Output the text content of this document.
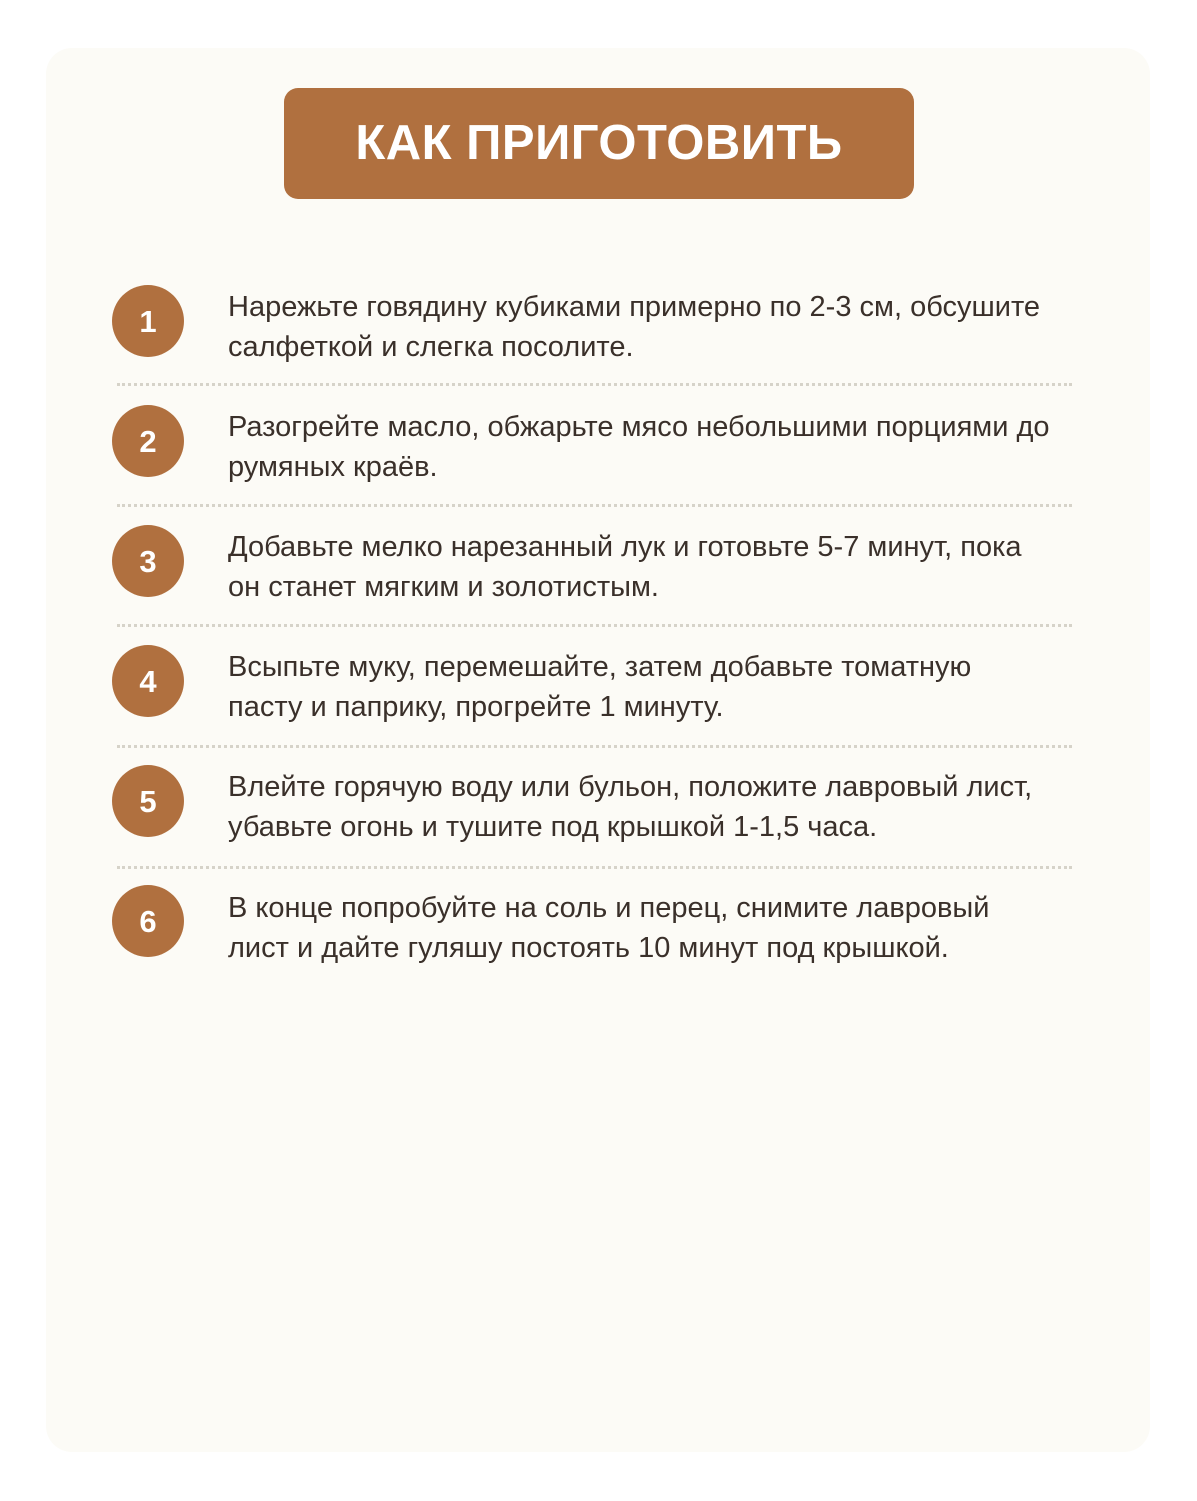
КАК ПРИГОТОВИТЬ
1	Нарежьте говядину кубиками примерно по 2-3 см, обсушите
салфеткой и слегка посолите.

2	Разогрейте масло, обжарьте мясо небольшими порциями до
румяных краёв.

3	Добавьте мелко нарезанный лук и готовьте 5-7 минут, пока
он станет мягким и золотистым.

4	Всыпьте муку, перемешайте, затем добавьте томатную
пасту и паприку, прогрейте 1 минуту.

5	Влейте горячую воду или бульон, положите лавровый лист,
убавьте огонь и тушите под крышкой 1-1,5 часа.

6	В конце попробуйте на соль и перец, снимите лавровый
лист и дайте гуляшу постоять 10 минут под крышкой.
